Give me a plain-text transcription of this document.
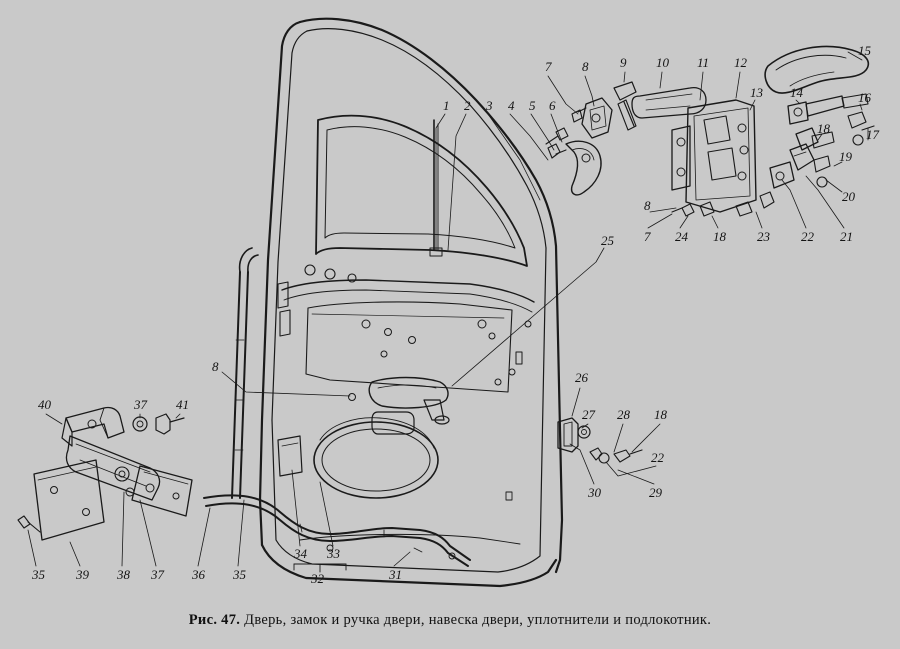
1 2 3 4 5 6
7 8 9 10 11 12
13 14
15
16
17
18
19
20
21
22
23
18
24
7
8
25
8
26
27 28 18
22
29
30
40	37 41
35 39 38 37 36 35
34 33
32	31
Рис. 47. Дверь, замок и ручка двери, навеска двери, уплотнители и подлокотник.
